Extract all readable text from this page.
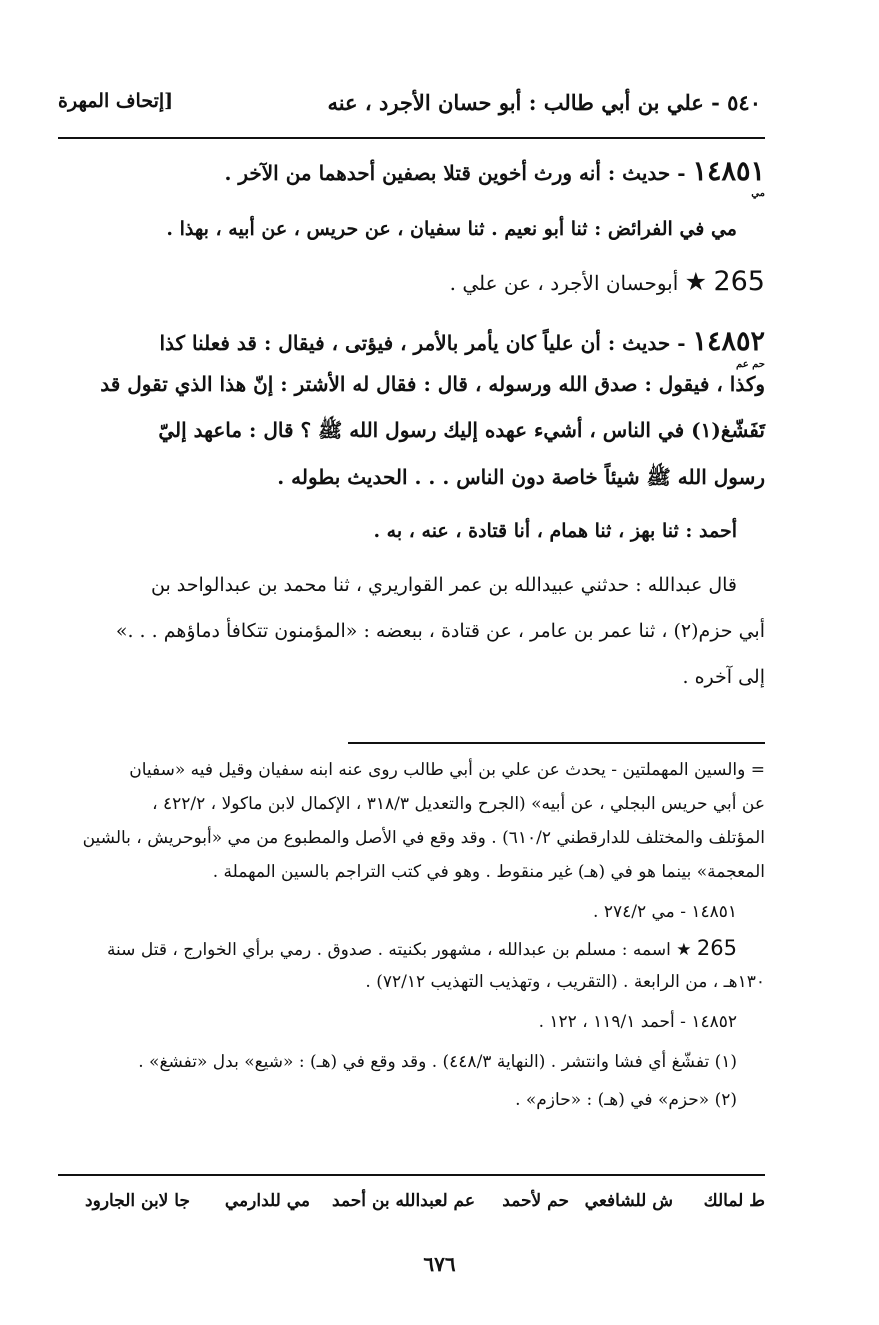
٥٤٠ - علي بن أبي طالب : أبو حسان الأجرد ، عنه
[إتحاف المهرة
١٤٨٥١ - حديث : أنه ورث أخوين قتلا بصفين أحدهما من الآخر .
مي
مي في الفرائض : ثنا أبو نعيم . ثنا سفيان ، عن حريس ، عن أبيه ، بهذا .
265 ★ أبوحسان الأجرد ، عن علي .
١٤٨٥٢ - حديث : أن علياً كان يأمر بالأمر ، فيؤتى ، فيقال : قد فعلنا كذا
حم عم
وكذا ، فيقول : صدق الله ورسوله ، قال : فقال له الأشتر : إنّ هذا الذي تقول قد
تَفَشّغ(١) في الناس ، أشيء عهده إليك رسول الله ﷺ ؟ قال : ماعهد إليّ
رسول الله ﷺ شيئاً خاصة دون الناس . . . الحديث بطوله .
أحمد : ثنا بهز ، ثنا همام ، أنا قتادة ، عنه ، به .
قال عبدالله : حدثني عبيدالله بن عمر القواريري ، ثنا محمد بن عبدالواحد بن
أبي حزم(٢) ، ثنا عمر بن عامر ، عن قتادة ، ببعضه : «المؤمنون تتكافأ دماؤهم . . .»
إلى آخره .
= والسين المهملتين - يحدث عن علي بن أبي طالب روى عنه ابنه سفيان وقيل فيه «سفيان
عن أبي حريس البجلي ، عن أبيه» (الجرح والتعديل ٣١٨/٣ ، الإكمال لابن ماكولا ، ٤٢٢/٢ ،
المؤتلف والمختلف للدارقطني ٦١٠/٢) . وقد وقع في الأصل والمطبوع من مي «أبوحريش ، بالشين
المعجمة» بينما هو في (هـ) غير منقوط . وهو في كتب التراجم بالسين المهملة .
١٤٨٥١ - مي ٢٧٤/٢ .
265 ★ اسمه : مسلم بن عبدالله ، مشهور بكنيته . صدوق . رمي برأي الخوارج ، قتل سنة
١٣٠هـ ، من الرابعة . (التقريب ، وتهذيب التهذيب ٧٢/١٢) .
١٤٨٥٢ - أحمد ١١٩/١ ، ١٢٢ .
(١) تفشّغ أي فشا وانتشر . (النهاية ٤٤٨/٣) . وقد وقع في (هـ) : «شيع» بدل «تفشغ» .
(٢) «حزم» في (هـ) : «حازم» .
ط لمالك
ش للشافعي
حم لأحمد
عم لعبدالله بن أحمد
مي للدارمي
جا لابن الجارود
٦٧٦
